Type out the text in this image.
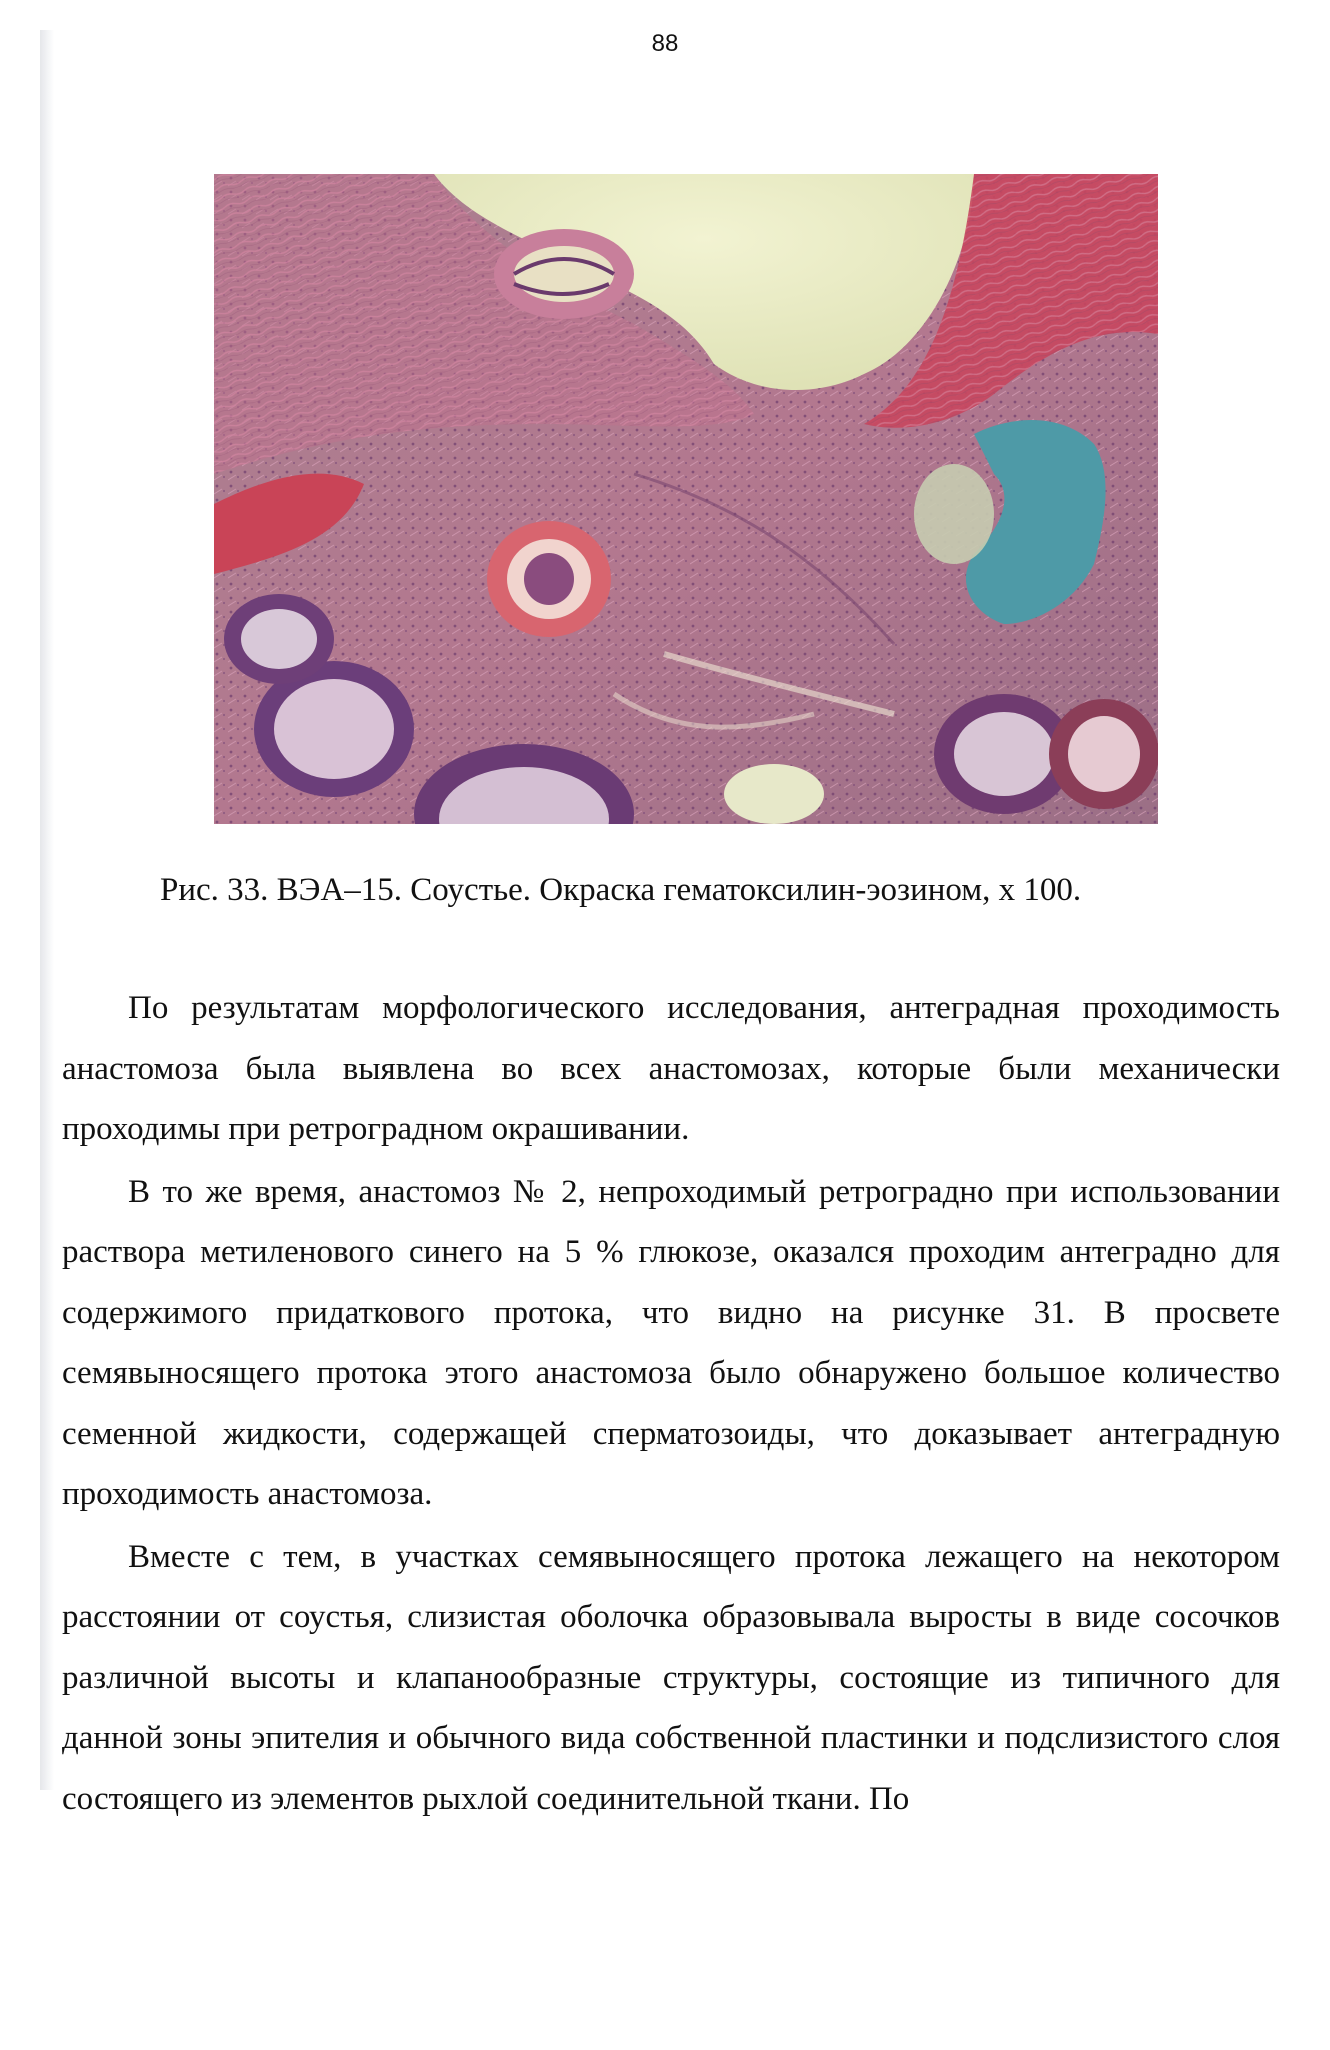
88
Рис. 33. ВЭА–15. Соустье. Окраска гематоксилин-эозином, х 100.

По результатам морфологического исследования, антеградная проходимость анастомоза была выявлена во всех анастомозах, которые были механически проходимы при ретроградном окрашивании.

В то же время, анастомоз № 2, непроходимый ретроградно при использовании раствора метиленового синего на 5 % глюкозе, оказался проходим антеградно для содержимого придаткового протока, что видно на рисунке 31. В просвете семявыносящего протока этого анастомоза было обнаружено большое количество семенной жидкости, содержащей сперматозоиды, что доказывает антеградную проходимость анастомоза.

Вместе с тем, в участках семявыносящего протока лежащего на некотором расстоянии от соустья, слизистая оболочка образовывала выросты в виде сосочков различной высоты и клапанообразные структуры, состоящие из типичного для данной зоны эпителия и обычного вида собственной пластинки и подслизистого слоя состоящего из элементов рыхлой соединительной ткани. По
